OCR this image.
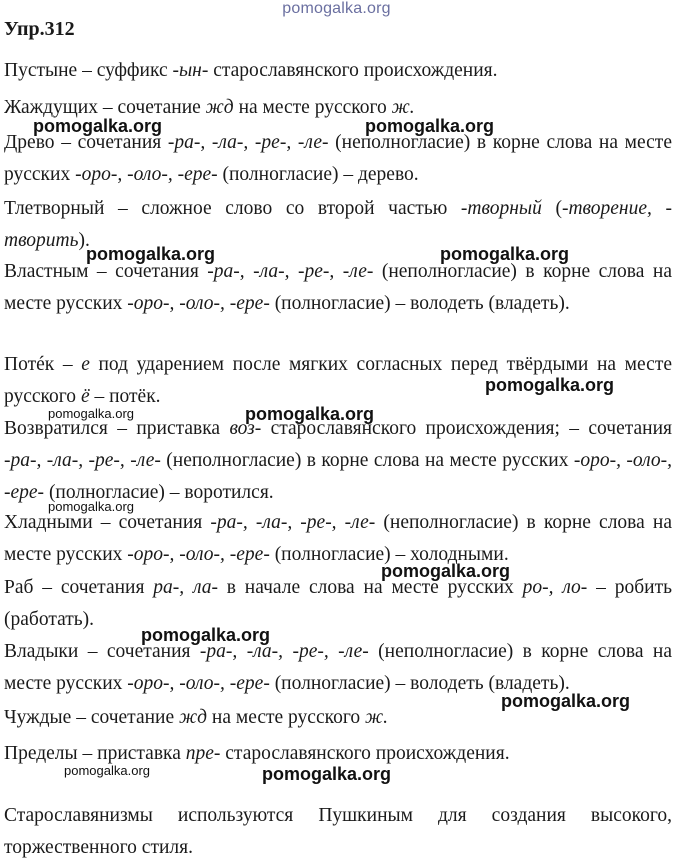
pomogalka.org
Упр.312

Пустыне – суффикс -ын- старославянского происхождения.

Жаждущих – сочетание жд на месте русского ж.

Древо – сочетания -ра-, -ла-, -ре-, -ле- (неполногласие) в корне слова на месте русских -оро-, -оло-, -ере- (полногласие) – дерево.

Тлетворный – сложное слово со второй частью -творный (-творение, - творить).

Властным – сочетания -ра-, -ла-, -ре-, -ле- (неполногласие) в корне слова на месте русских -оро-, -оло-, -ере- (полногласие) – володеть (владеть).

Потéк – е под ударением после мягких согласных перед твёрдыми на месте русского ё – потёк.

Возвратился – приставка воз- старославянского происхождения; – сочетания -ра-, -ла-, -ре-, -ле- (неполногласие) в корне слова на месте русских -оро-, -оло-, -ере- (полногласие) – воротился.

Хладными – сочетания -ра-, -ла-, -ре-, -ле- (неполногласие) в корне слова на месте русских -оро-, -оло-, -ере- (полногласие) – холодными.

Раб – сочетания ра-, ла- в начале слова на месте русских ро-, ло- – робить (работать).

Владыки – сочетания -ра-, -ла-, -ре-, -ле- (неполногласие) в корне слова на месте русских -оро-, -оло-, -ере- (полногласие) – володеть (владеть).

Чуждые – сочетание жд на месте русского ж.

Пределы – приставка пре- старославянского происхождения.

Старославянизмы используются Пушкиным для создания высокого, торжественного стиля.

pomogalka.org	pomogalka.org
pomogalka.org	pomogalka.org
pomogalka.org
pomogalka.org	pomogalka.org
pomogalka.org
pomogalka.org
pomogalka.org
pomogalka.org
pomogalka.org	pomogalka.org
